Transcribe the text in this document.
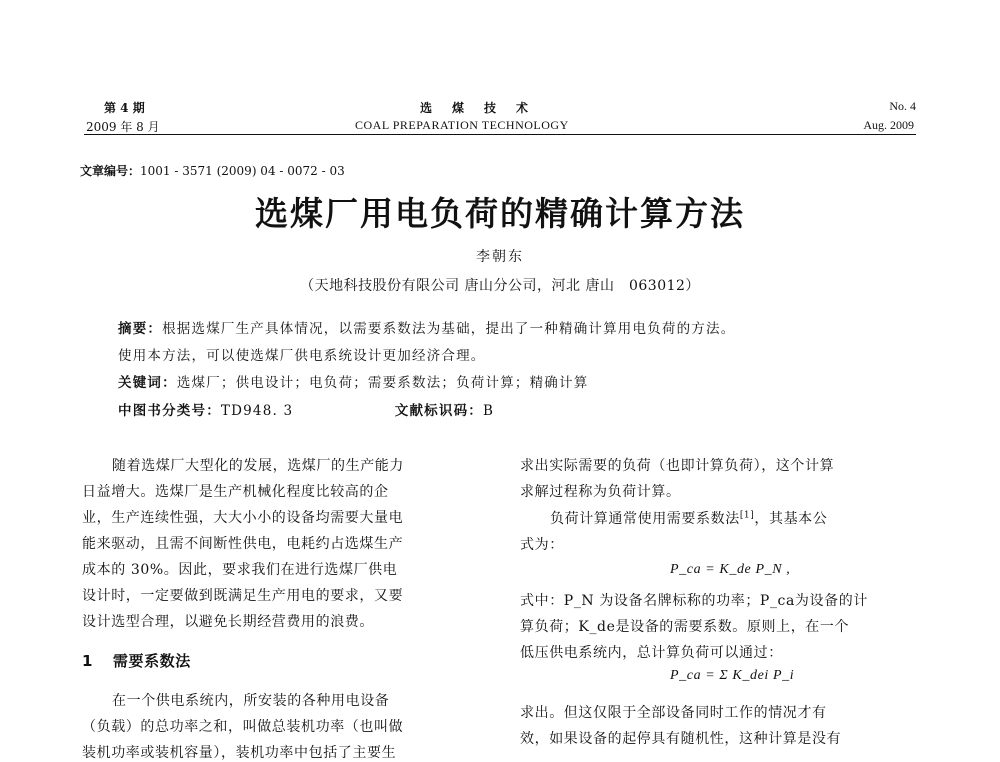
第 4 期
2009 年 8 月
选煤技术
COAL PREPARATION TECHNOLOGY
No. 4
Aug. 2009
文章编号：1001 - 3571 (2009) 04 - 0072 - 03
选煤厂用电负荷的精确计算方法
李朝东
（天地科技股份有限公司 唐山分公司，河北 唐山　063012）
摘要：根据选煤厂生产具体情况，以需要系数法为基础，提出了一种精确计算用电负荷的方法。
使用本方法，可以使选煤厂供电系统设计更加经济合理。
关键词：选煤厂；供电设计；电负荷；需要系数法；负荷计算；精确计算
中图书分类号：TD948. 3	文献标识码：B
随着选煤厂大型化的发展，选煤厂的生产能力
日益增大。选煤厂是生产机械化程度比较高的企
业，生产连续性强，大大小小的设备均需要大量电
能来驱动，且需不间断性供电，电耗约占选煤生产
成本的 30%。因此，要求我们在进行选煤厂供电
设计时，一定要做到既满足生产用电的要求，又要
设计选型合理，以避免长期经营费用的浪费。
1 需要系数法
在一个供电系统内，所安装的各种用电设备
（负载）的总功率之和，叫做总装机功率（也叫做
装机功率或装机容量），装机功率中包括了主要生
求出实际需要的负荷（也即计算负荷），这个计算
求解过程称为负荷计算。
负荷计算通常使用需要系数法[1]，其基本公
式为：
P_ca = K_de P_N ,
式中：P_N 为设备名牌标称的功率；P_ca为设备的计
算负荷；K_de是设备的需要系数。原则上，在一个
低压供电系统内，总计算负荷可以通过：
P_ca = Σ K_dei P_i
求出。但这仅限于全部设备同时工作的情况才有
效，如果设备的起停具有随机性，这种计算是没有
